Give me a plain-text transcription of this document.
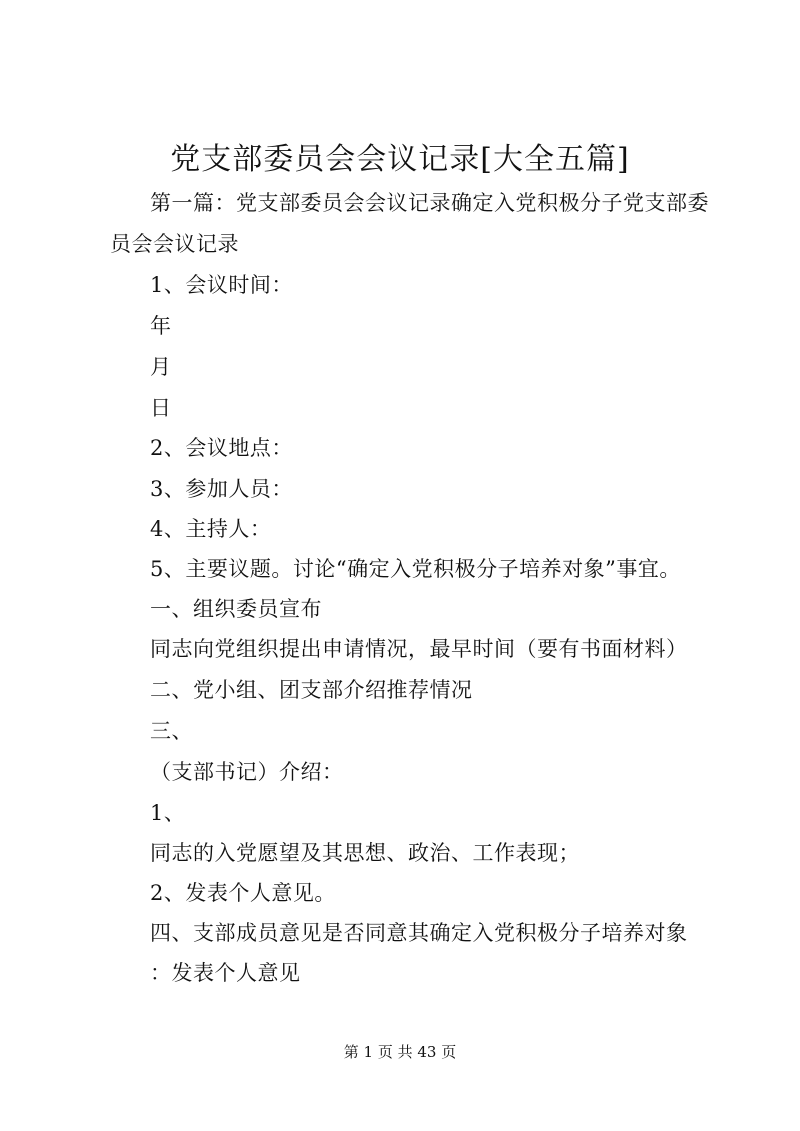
党支部委员会会议记录[大全五篇]
第一篇：党支部委员会会议记录确定入党积极分子党支部委
员会会议记录
1、会议时间：
年
月
日
2、会议地点：
3、参加人员：
4、主持人：
5、主要议题。讨论“确定入党积极分子培养对象”事宜。
一、组织委员宣布
同志向党组织提出申请情况，最早时间（要有书面材料）
二、党小组、团支部介绍推荐情况
三、
（支部书记）介绍：
1、
同志的入党愿望及其思想、政治、工作表现；
2、发表个人意见。
四、支部成员意见是否同意其确定入党积极分子培养对象
：发表个人意见
第 1 页 共 43 页
